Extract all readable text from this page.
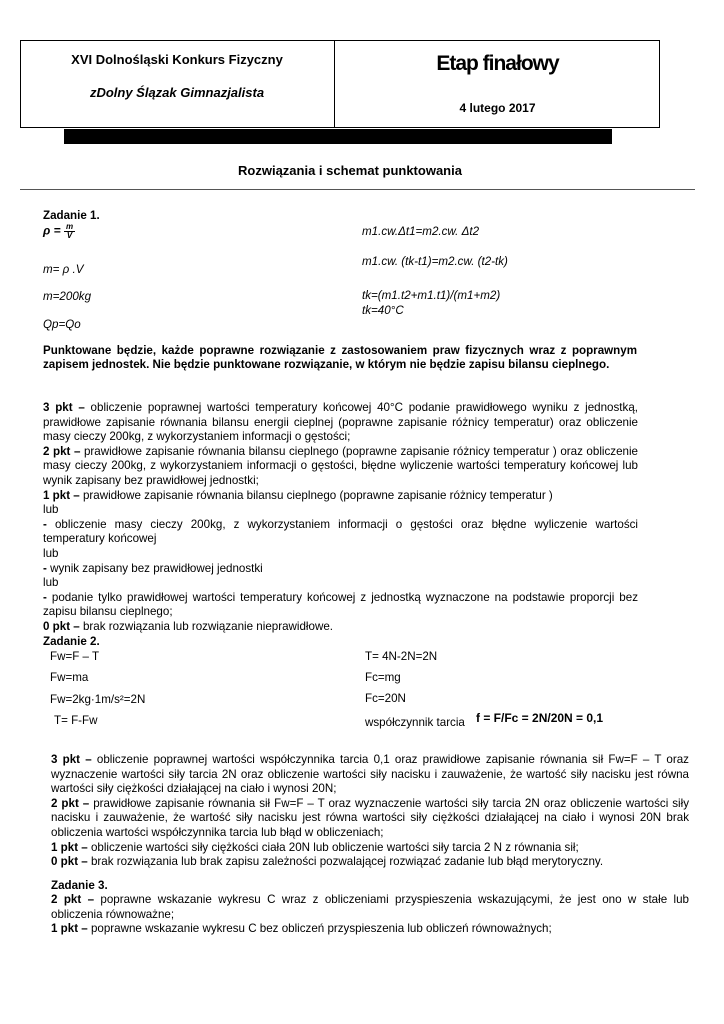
XVI Dolnośląski Konkurs Fizyczny
zDolny Ślązak Gimnazjalista
Etap finałowy
4 lutego 2017
Rozwiązania i schemat punktowania
Zadanie 1.
$\rho = \frac{m}{V}$
m= ρ .V
m=200kg
Qp=Qo
m1.cw.Δt1=m2.cw. Δt2
m1.cw. (tk-t1)=m2.cw. (t2-tk)
tk=(m1.t2+m1.t1)/(m1+m2)
tk=40°C

Punktowane będzie, każde poprawne rozwiązanie z zastosowaniem praw fizycznych wraz z poprawnym zapisem jednostek. Nie będzie punktowane rozwiązanie, w którym nie będzie zapisu bilansu cieplnego.

3 pkt – obliczenie poprawnej wartości temperatury końcowej 40°C podanie prawidłowego wyniku z jednostką, prawidłowe zapisanie równania bilansu energii cieplnej (poprawne zapisanie różnicy temperatur) oraz obliczenie masy cieczy 200kg, z wykorzystaniem informacji o gęstości;

2 pkt – prawidłowe zapisanie równania bilansu cieplnego (poprawne zapisanie różnicy temperatur ) oraz obliczenie masy cieczy 200kg, z wykorzystaniem informacji o gęstości, błędne wyliczenie wartości temperatury końcowej lub wynik zapisany bez prawidłowej jednostki;

1 pkt – prawidłowe zapisanie równania bilansu cieplnego (poprawne zapisanie różnicy temperatur )

lub

- obliczenie masy cieczy 200kg, z wykorzystaniem informacji o gęstości oraz błędne wyliczenie wartości temperatury końcowej

lub

- wynik zapisany bez prawidłowej jednostki

lub

- podanie tylko prawidłowej wartości temperatury końcowej z jednostką wyznaczone na podstawie proporcji bez zapisu bilansu cieplnego;

0 pkt – brak rozwiązania lub rozwiązanie nieprawidłowe.

Zadanie 2.
Fw=F – T
Fw=ma
Fw=2kg·1m/s²=2N
T= F-Fw
T= 4N-2N=2N
Fc=mg
Fc=20N
współczynnik tarcia f = F/Fc = 2N/20N = 0,1

3 pkt – obliczenie poprawnej wartości współczynnika tarcia 0,1 oraz prawidłowe zapisanie równania sił Fw=F – T oraz wyznaczenie wartości siły tarcia 2N oraz obliczenie wartości siły nacisku i zauważenie, że wartość siły nacisku jest równa wartości siły ciężkości działającej na ciało i wynosi 20N;

2 pkt – prawidłowe zapisanie równania sił Fw=F – T oraz wyznaczenie wartości siły tarcia 2N oraz obliczenie wartości siły nacisku i zauważenie, że wartość siły nacisku jest równa wartości siły ciężkości działającej na ciało i wynosi 20N brak obliczenia wartości współczynnika tarcia lub błąd w obliczeniach;

1 pkt – obliczenie wartości siły ciężkości ciała 20N lub obliczenie wartości siły tarcia 2 N z równania sił;

0 pkt – brak rozwiązania lub brak zapisu zależności pozwalającej rozwiązać zadanie lub błąd merytoryczny.

Zadanie 3.

2 pkt – poprawne wskazanie wykresu C wraz z obliczeniami przyspieszenia wskazującymi, że jest ono w stałe lub obliczenia równoważne;

1 pkt – poprawne wskazanie wykresu C bez obliczeń przyspieszenia lub obliczeń równoważnych;
